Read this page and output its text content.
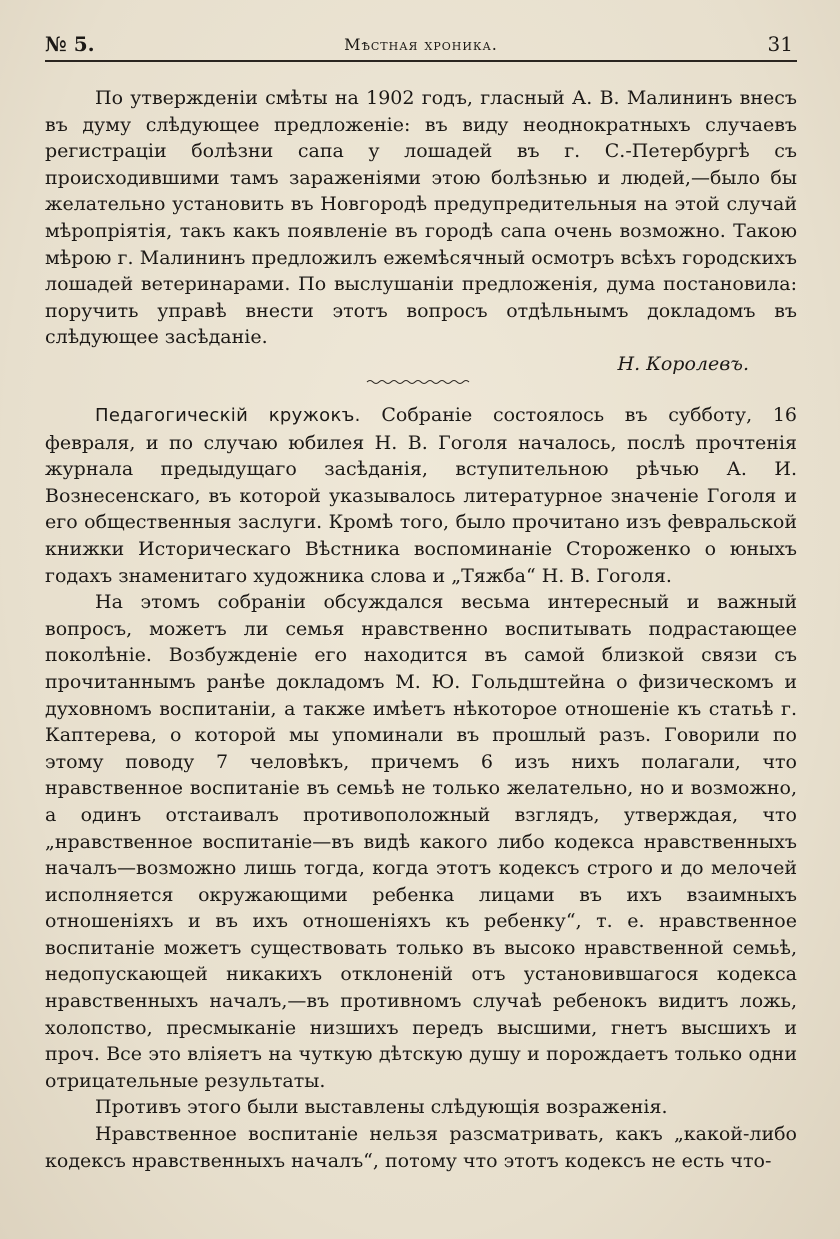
№ 5.	Мѣстная хроника.	31

По утвержденiи смѣты на 1902 годъ, гласный А. В. Малининъ внесъ въ думу слѣдующее предложенiе: въ виду неоднократныхъ случаевъ регистрацiи болѣзни сапа у лошадей въ г. С.-Петербургѣ съ происходившими тамъ зараженiями этою болѣзнью и людей,—было бы желательно установить въ Новгородѣ предупредительныя на этой случай мѣропрiятiя, такъ какъ появленiе въ городѣ сапа очень возможно. Такою мѣрою г. Малининъ предложилъ ежемѣсячный осмотръ всѣхъ городскихъ лошадей ветеринарами. По выслушанiи предложенiя, дума постановила: поручить управѣ внести этотъ вопросъ отдѣльнымъ докладомъ въ слѣдующее засѣданiе.

Н. Королевъ.

Педагогическiй кружокъ. Собранiе состоялось въ субботу, 16 февраля, и по случаю юбилея Н. В. Гоголя началось, послѣ прочтенiя журнала предыдущаго засѣданiя, вступительною рѣчью А. И. Вознесенскаго, въ которой указывалось литературное значенiе Гоголя и его общественныя заслуги. Кромѣ того, было прочитано изъ февральской книжки Историческаго Вѣстника воспоминанiе Стороженко о юныхъ годахъ знаменитаго художника слова и „Тяжба“ Н. В. Гоголя.

На этомъ собранiи обсуждался весьма интересный и важный вопросъ, можетъ ли семья нравственно воспитывать подрастающее поколѣнiе. Возбужденiе его находится въ самой близкой связи съ прочитаннымъ ранѣе докладомъ М. Ю. Гольдштейна о физическомъ и духовномъ воспитанiи, а также имѣетъ нѣкоторое отношенiе къ статьѣ г. Каптерева, о которой мы упоминали въ прошлый разъ. Говорили по этому поводу 7 человѣкъ, причемъ 6 изъ нихъ полагали, что нравственное воспитанiе въ семьѣ не только желательно, но и возможно, а одинъ отстаивалъ противоположный взглядъ, утверждая, что „нравственное воспитанiе—въ видѣ какого либо кодекса нравственныхъ началъ—возможно лишь тогда, когда этотъ кодексъ строго и до мелочей исполняется окружающими ребенка лицами въ ихъ взаимныхъ отношенiяхъ и въ ихъ отношенiяхъ къ ребенку“, т. е. нравственное воспитанiе можетъ существовать только въ высоко нравственной семьѣ, недопускающей никакихъ отклоненiй отъ установившагося кодекса нравственныхъ началъ,—въ противномъ случаѣ ребенокъ видитъ ложь, холопство, пресмыканiе низшихъ передъ высшими, гнетъ высшихъ и проч. Все это влiяетъ на чуткую дѣтскую душу и порождаетъ только одни отрицательные результаты.

Противъ этого были выставлены слѣдующiя возраженiя.

Нравственное воспитанiе нельзя разсматривать, какъ „какой-либо кодексъ нравственныхъ началъ“, потому что этотъ кодексъ не есть что-
